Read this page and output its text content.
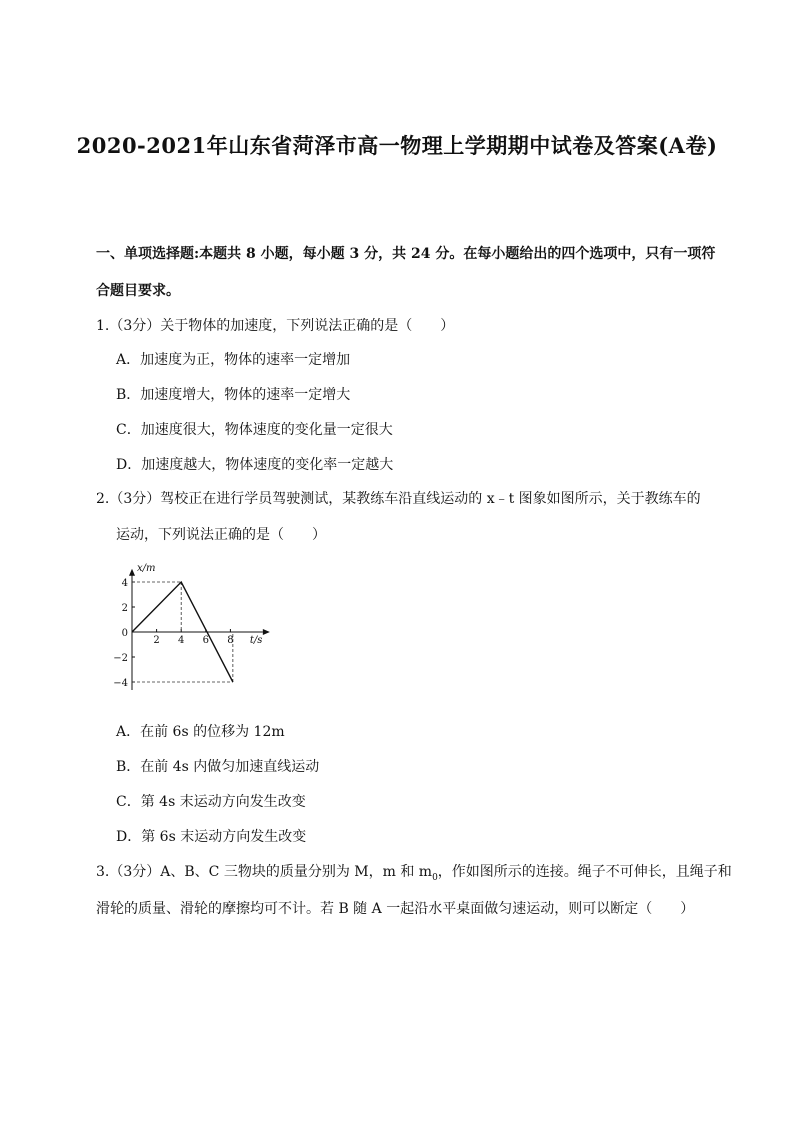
2020-2021年山东省菏泽市高一物理上学期期中试卷及答案(A卷)
一、单项选择题:本题共 8 小题，每小题 3 分，共 24 分。在每小题给出的四个选项中，只有一项符
合题目要求。
1.（3分）关于物体的加速度，下列说法正确的是（　　）
A．加速度为正，物体的速率一定增加
B．加速度增大，物体的速率一定增大
C．加速度很大，物体速度的变化量一定很大
D．加速度越大，物体速度的变化率一定越大
2.（3分）驾校正在进行学员驾驶测试，某教练车沿直线运动的 x﹣t 图象如图所示，关于教练车的
运动，下列说法正确的是（　　）
x/m
t/s
4
2
0
−2
−4
2 4 6 8
A．在前 6s 的位移为 12m
B．在前 4s 内做匀加速直线运动
C．第 4s 末运动方向发生改变
D．第 6s 末运动方向发生改变
3.（3分）A、B、C 三物块的质量分别为 M，m 和 $m_0$，作如图所示的连接。绳子不可伸长，且绳子和
滑轮的质量、滑轮的摩擦均可不计。若 B 随 A 一起沿水平桌面做匀速运动，则可以断定（　　）
